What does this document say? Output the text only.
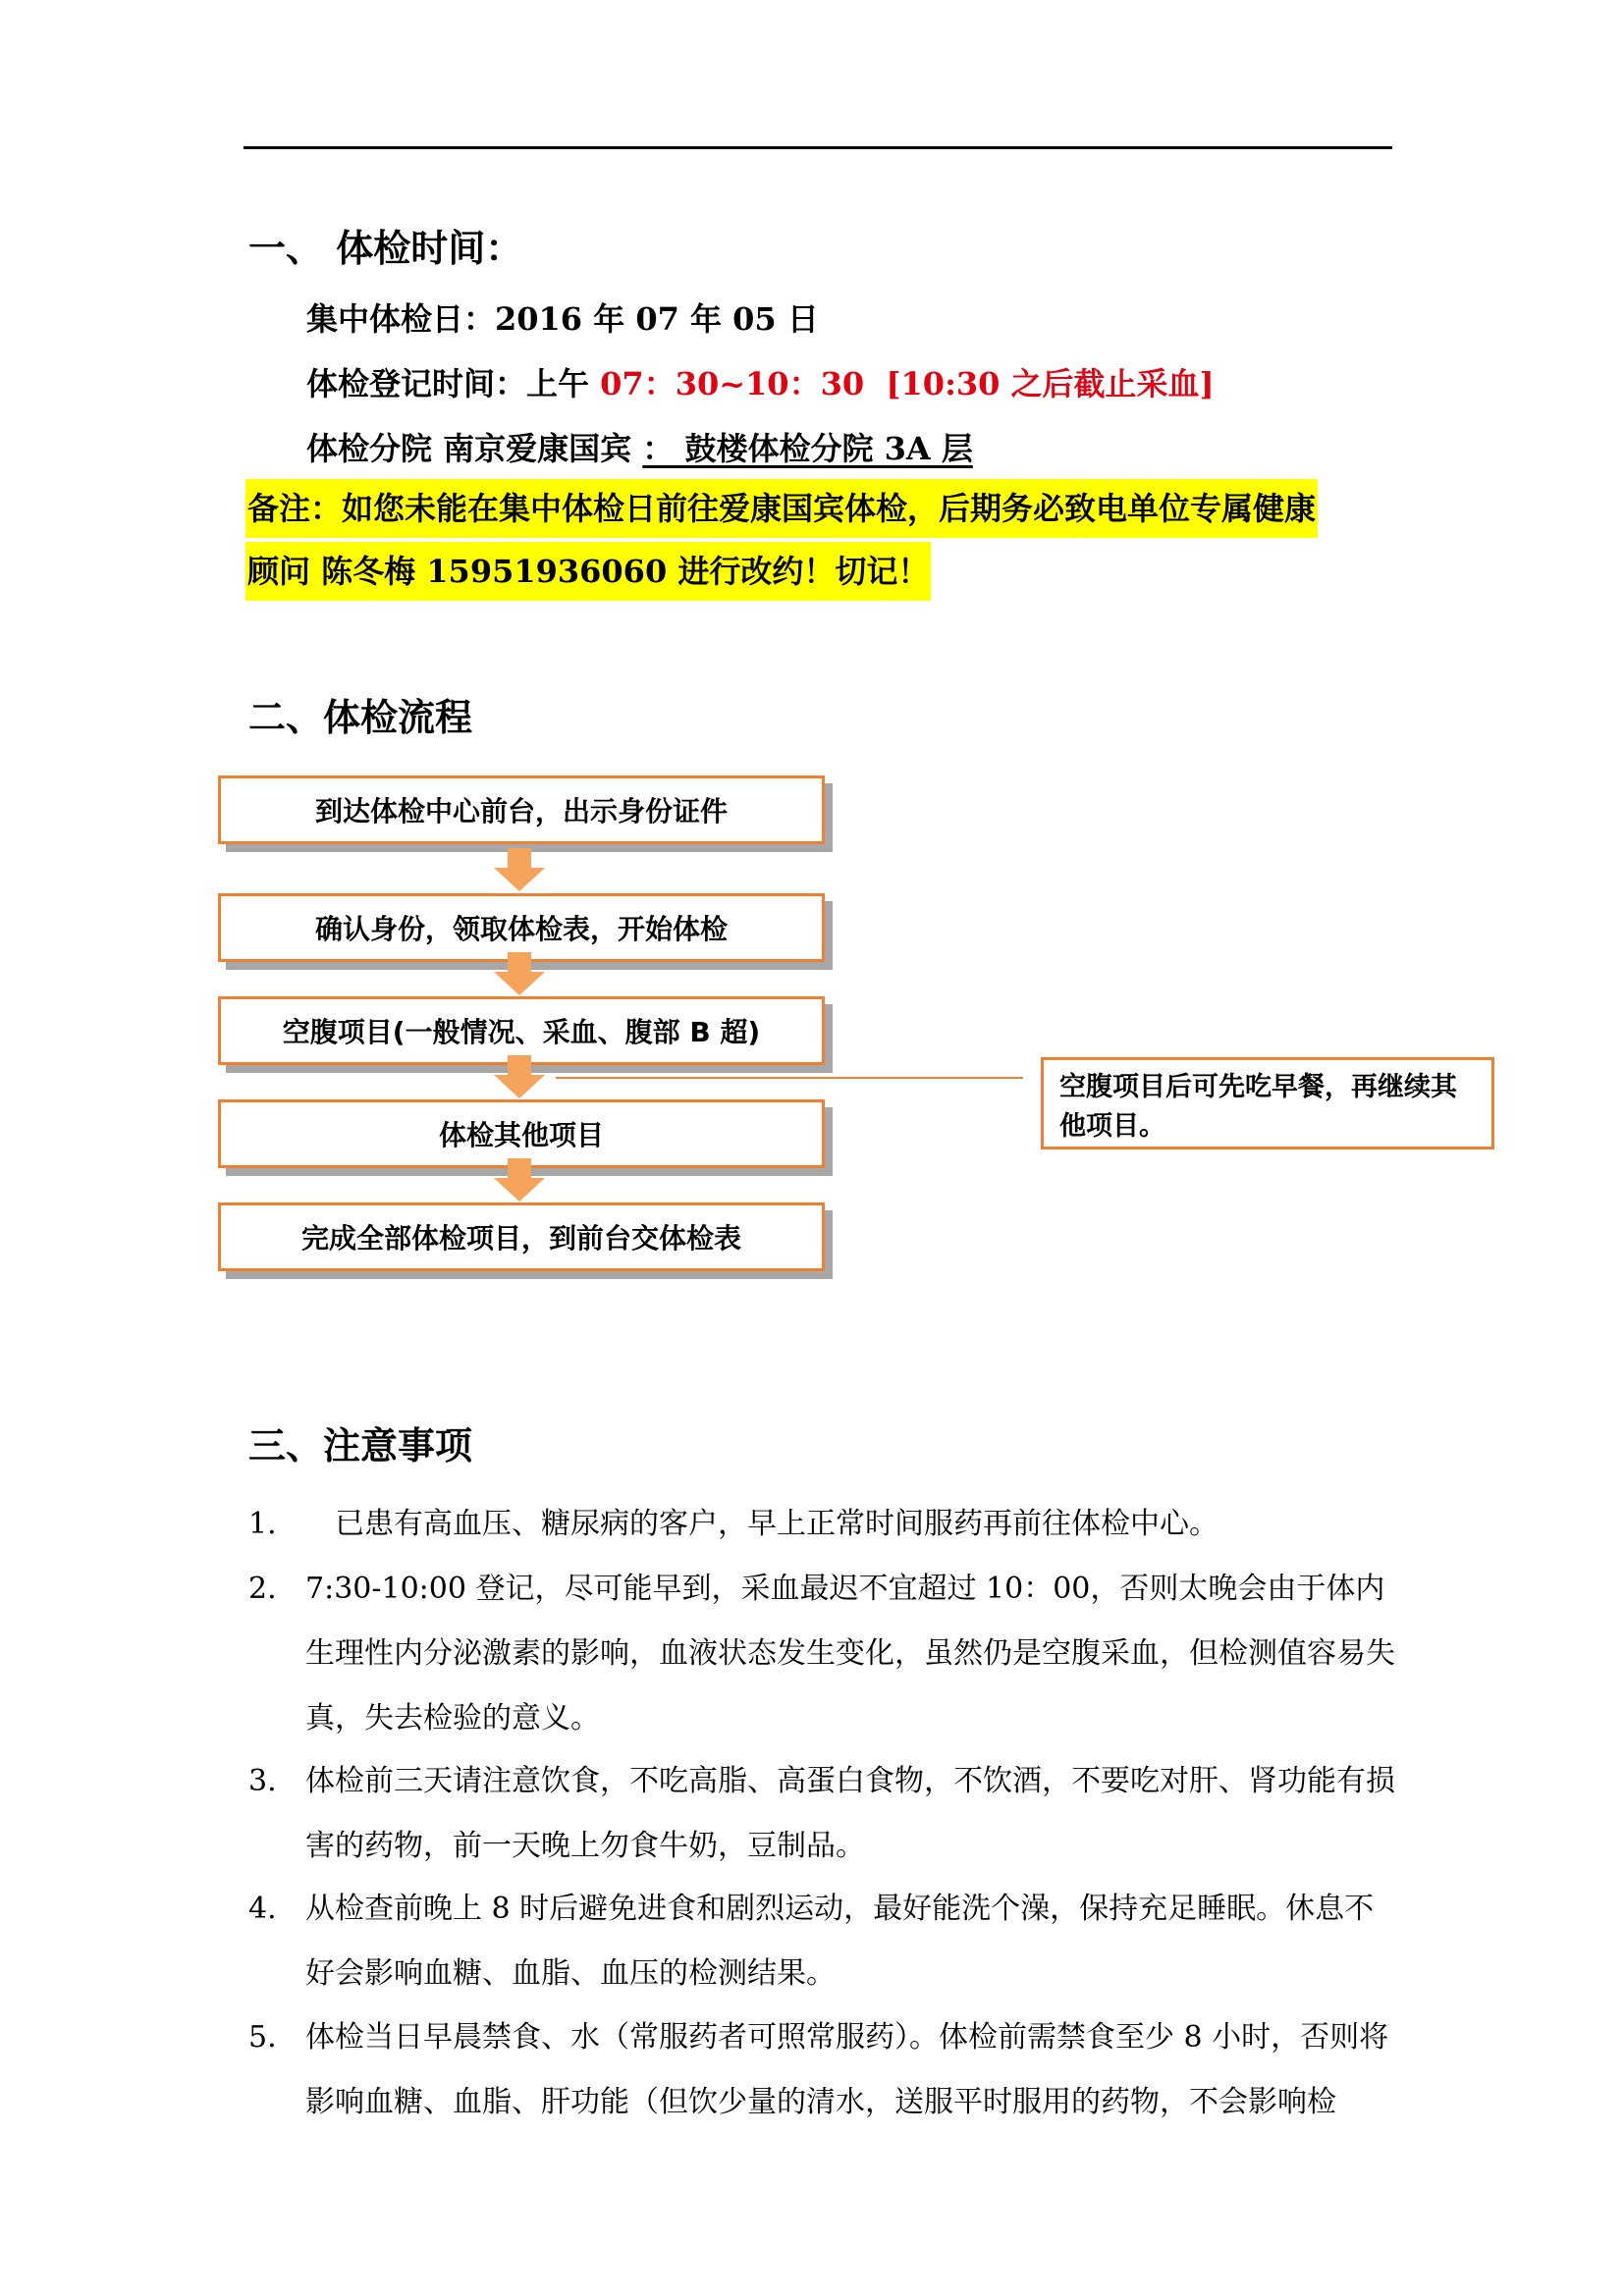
一、 体检时间：
集中体检日：2016 年 07 年 05 日
体检登记时间：上午 07：30~10：30 [10:30 之后截止采血]
体检分院 南京爱康国宾 ： 鼓楼体检分院 3A 层
备注：如您未能在集中体检日前往爱康国宾体检，后期务必致电单位专属健康
顾问 陈冬梅 15951936060 进行改约！切记！
二、体检流程
到达体检中心前台，出示身份证件
确认身份，领取体检表，开始体检
空腹项目(一般情况、采血、腹部 B 超)
体检其他项目
完成全部体检项目，到前台交体检表
空腹项目后可先吃早餐，再继续其他项目。
三、注意事项
1. 　已患有高血压、糖尿病的客户，早上正常时间服药再前往体检中心。
2. 7:30-10:00 登记，尽可能早到，采血最迟不宜超过 10：00，否则太晚会由于体内生理性内分泌激素的影响，血液状态发生变化，虽然仍是空腹采血，但检测值容易失真，失去检验的意义。
3. 体检前三天请注意饮食，不吃高脂、高蛋白食物，不饮酒，不要吃对肝、肾功能有损害的药物，前一天晚上勿食牛奶，豆制品。
4. 从检查前晚上 8 时后避免进食和剧烈运动，最好能洗个澡，保持充足睡眠。休息不好会影响血糖、血脂、血压的检测结果。
5. 体检当日早晨禁食、水（常服药者可照常服药）。体检前需禁食至少 8 小时，否则将影响血糖、血脂、肝功能（但饮少量的清水，送服平时服用的药物，不会影响检
